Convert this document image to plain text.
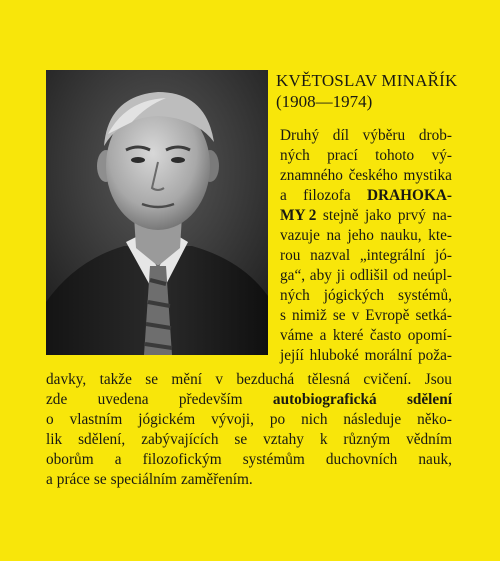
KVĚTOSLAV MINAŘÍK
(1908—1974)
Druhý díl výběru drob-
ných prací tohoto vý-
znamného českého mystika
a filozofa DRAHOKA-
MY 2 stejně jako prvý na-
vazuje na jeho nauku, kte-
rou nazval „integrální jó-
ga“, aby ji odlišil od neúpl-
ných jógických systémů,
s nimiž se v Evropě setká-
váme a které často opomí-
jejíí hluboké morální poža-
davky, takže se mění v bezduchá tělesná cvičení. Jsou
zde uvedena především autobiografická sdělení
o vlastním jógickém vývoji, po nich následuje něko-
lik sdělení, zabývajících se vztahy k různým vědním
oborům a filozofickým systémům duchovních nauk,
a práce se speciálním zaměřením.
